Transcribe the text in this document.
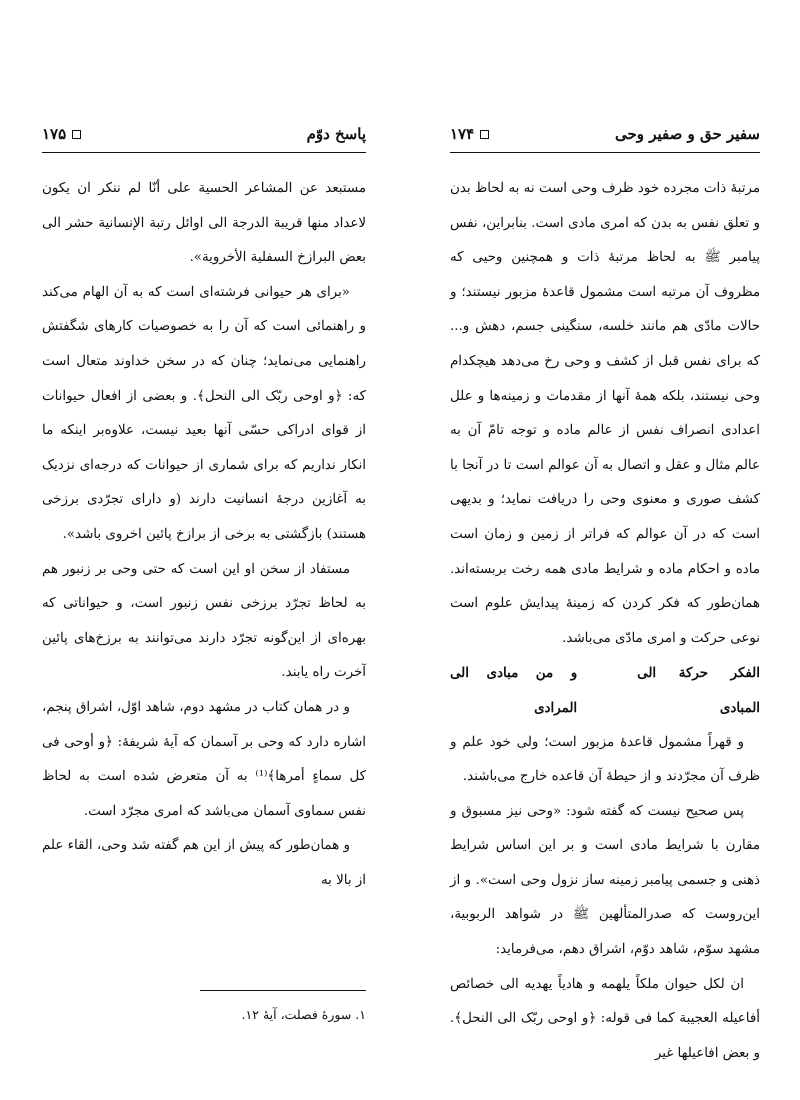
پاسخ دوّم
۱۷۵

مستبعد عن المشاعر الحسیة علی أنّا لم ننکر ان یکون لاعداد منها قریبة الدرجة الی اوائل رتبة الإنسانیة حشر الی بعض البرازخ السفلیة الأخرویة».

«برای هر حیوانی فرشته‌ای است که به آن الهام می‌کند و راهنمائی است که آن را به خصوصیات کارهای شگفتش راهنمایی می‌نماید؛ چنان که در سخن خداوند متعال است که: ﴿و اوحی ربّک الی النحل﴾. و بعضی از افعال حیوانات از قوای ادراکی حسّی آنها بعید نیست، علاوه‌بر اینکه ما انکار نداریم که برای شماری از حیوانات که درجه‌ای نزدیک به آغازین درجهٔ انسانیت دارند (و دارای تجرّدی برزخی هستند) بازگشتی به برخی از برازخ پائین اخروی باشد».

مستفاد از سخن او این است که حتی وحی بر زنبور هم به لحاظ تجرّد برزخی نفس زنبور است، و حیواناتی که بهره‌ای از این‌گونه تجرّد دارند می‌توانند به برزخ‌های پائین آخرت راه یابند.

و در همان کتاب در مشهد دوم، شاهد اوّل، اشراق پنجم، اشاره دارد که وحی بر آسمان که آیهٔ شریفهٔ: ﴿و أوحی فی کل سماءٍ أمرها﴾⁽¹⁾ به آن متعرض شده است به لحاظ نفس سماوی آسمان می‌باشد که امری مجرّد است.

و همان‌طور که پیش از این هم گفته شد وحی، القاء علم از بالا به

۱. سورهٔ فصلت، آیهٔ ۱۲.
سفیر حق و صفیر وحی
۱۷۴

مرتبهٔ ذات مجرده خود ظرف وحی است نه به لحاظ بدن و تعلق نفس به بدن که امری مادی است. بنابراین، نفس پیامبر ﷺ به لحاظ مرتبهٔ ذات و همچنین وحیی که مظروف آن مرتبه است مشمول قاعدهٔ مزبور نیستند؛ و حالات مادّی هم مانند خلسه، سنگینی جسم، دهش و... که برای نفس قبل از کشف و وحی رخ می‌دهد هیچکدام وحی نیستند، بلکه همهٔ آنها از مقدمات و زمینه‌ها و علل اعدادی انصراف نفس از عالم ماده و توجه تامّ آن به عالم مثال و عقل و اتصال به آن عوالم است تا در آنجا با کشف صوری و معنوی وحی را دریافت نماید؛ و بدیهی است که در آن عوالم که فراتر از زمین و زمان است ماده و احکام ماده و شرایط مادی همه رخت بربسته‌اند. همان‌طور که فکر کردن که زمینهٔ پیدایش علوم است نوعی حرکت و امری مادّی می‌باشد.

الفکر حرکة الی المبادی
و من مبادی الی المرادی

و قهراً مشمول قاعدهٔ مزبور است؛ ولی خود علم و ظرف آن مجرّدند و از حیطهٔ آن قاعده خارج می‌باشند.

پس صحیح نیست که گفته شود: «وحی نیز مسبوق و مقارن با شرایط مادی است و بر این اساس شرایط ذهنی و جسمی پیامبر زمینه ساز نزول وحی است». و از این‌روست که صدرالمتألهین ﷺ در شواهد الربوبیة، مشهد سوّم، شاهد دوّم، اشراق دهم، می‌فرماید:

ان لکل حیوان ملکاً یلهمه و هادیاً یهدیه الی خصائص أفاعیله العجیبة کما فی قوله: ﴿و اوحی ربّک الی النحل﴾. و بعض افاعیلها غیر
